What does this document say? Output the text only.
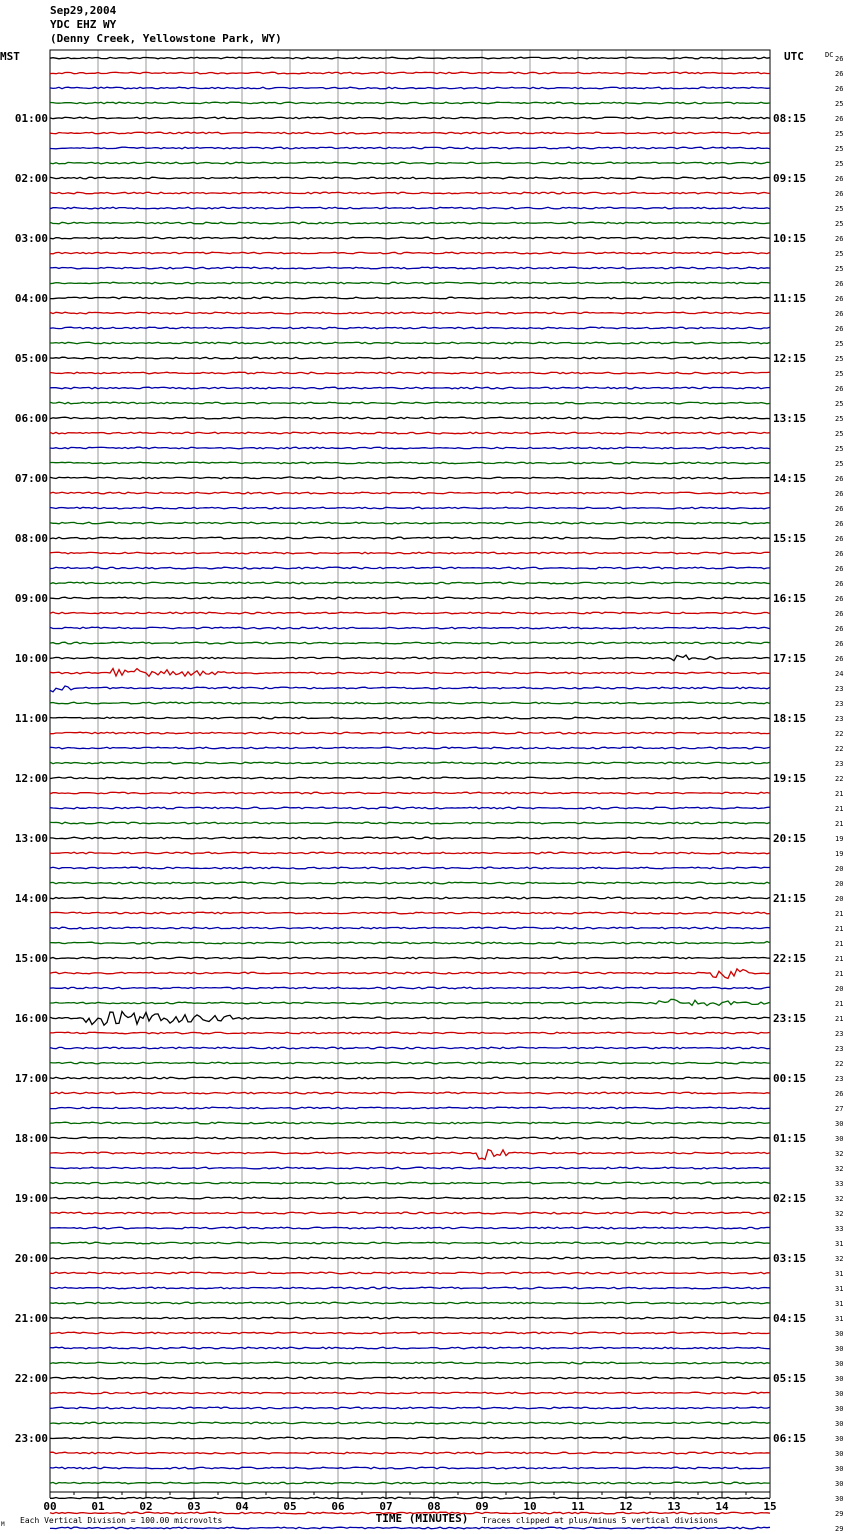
Sep29,2004
YDC EHZ WY
(Denny Creek, Yellowstone Park, WY)
26
26
26
25
26
25
25
25
26
26
25
25
26
25
25
26
26
26
26
25
25
25
26
25
25
25
25
25
26
26
26
26
26
26
26
26
26
26
26
26
26
24
23
23
23
22
22
23
22
21
21
21
19
19
20
20
20
21
21
21
21
21
20
21
21
23
23
22
23
26
27
30
30
32
32
33
32
32
33
31
32
31
31
31
31
30
30
30
30
30
30
30
30
30
30
30
30
29
29
01:00
02:00
03:00
04:00
05:00
06:00
07:00
08:00
09:00
10:00
11:00
12:00
13:00
14:00
15:00
16:00
17:00
18:00
19:00
20:00
21:00
22:00
23:00
08:15
09:15
10:15
11:15
12:15
13:15
14:15
15:15
16:15
17:15
18:15
19:15
20:15
21:15
22:15
23:15
00:15
01:15
02:15
03:15
04:15
05:15
06:15
MST	UTC	DC
00	01	02	03	04	05	06	07	08	09	10	11	12	13	14	15
TIME (MINUTES)
Each Vertical Division = 100.00 microvolts	Traces clipped at plus/minus 5 vertical divisions
M
